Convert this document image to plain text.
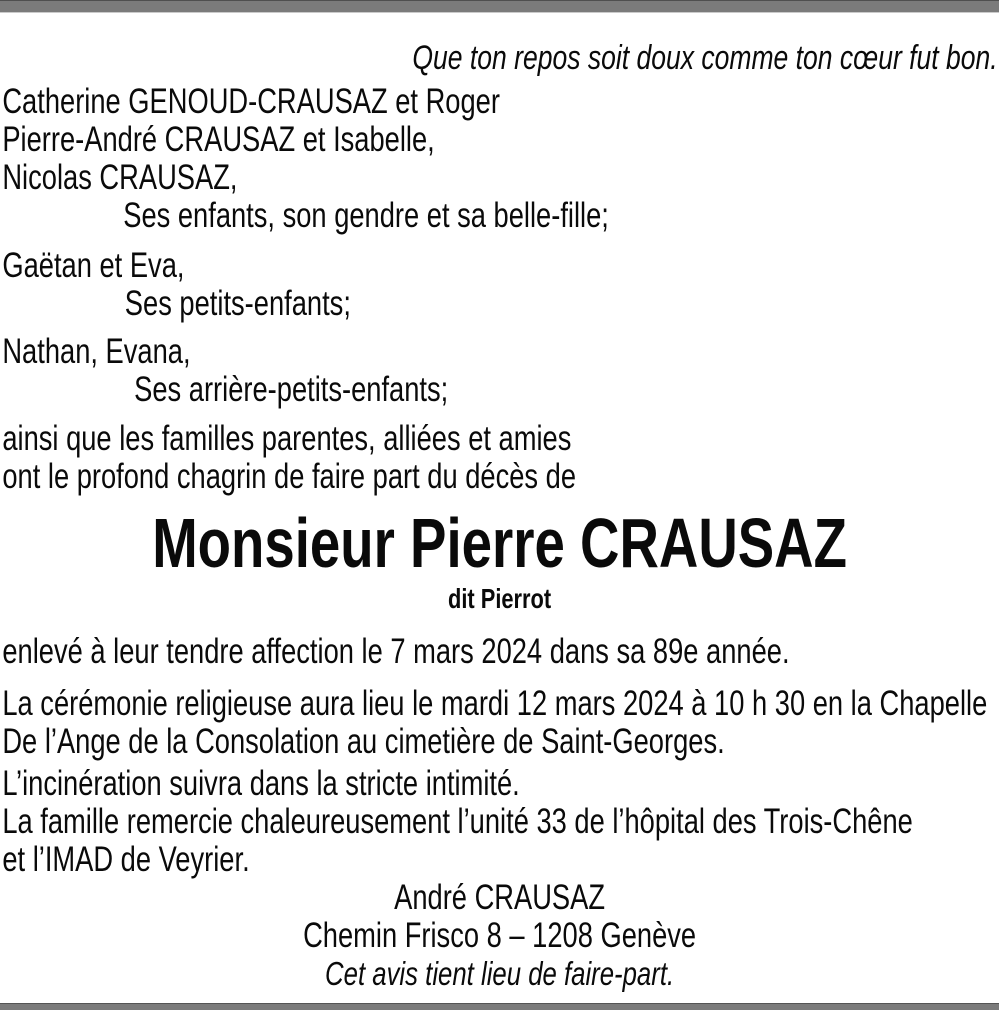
Que ton repos soit doux comme ton cœur fut bon.
Catherine GENOUD-CRAUSAZ et Roger
Pierre-André CRAUSAZ et Isabelle,
Nicolas CRAUSAZ,
Ses enfants, son gendre et sa belle-fille;
Gaëtan et Eva,
Ses petits-enfants;
Nathan, Evana,
Ses arrière-petits-enfants;
ainsi que les familles parentes, alliées et amies
ont le profond chagrin de faire part du décès de
Monsieur Pierre CRAUSAZ
dit Pierrot
enlevé à leur tendre affection le 7 mars 2024 dans sa 89e année.
La cérémonie religieuse aura lieu le mardi 12 mars 2024 à 10 h 30 en la Chapelle
De l’Ange de la Consolation au cimetière de Saint-Georges.
L’incinération suivra dans la stricte intimité.
La famille remercie chaleureusement l’unité 33 de l’hôpital des Trois-Chêne
et l’IMAD de Veyrier.
André CRAUSAZ
Chemin Frisco 8 – 1208 Genève
Cet avis tient lieu de faire-part.
